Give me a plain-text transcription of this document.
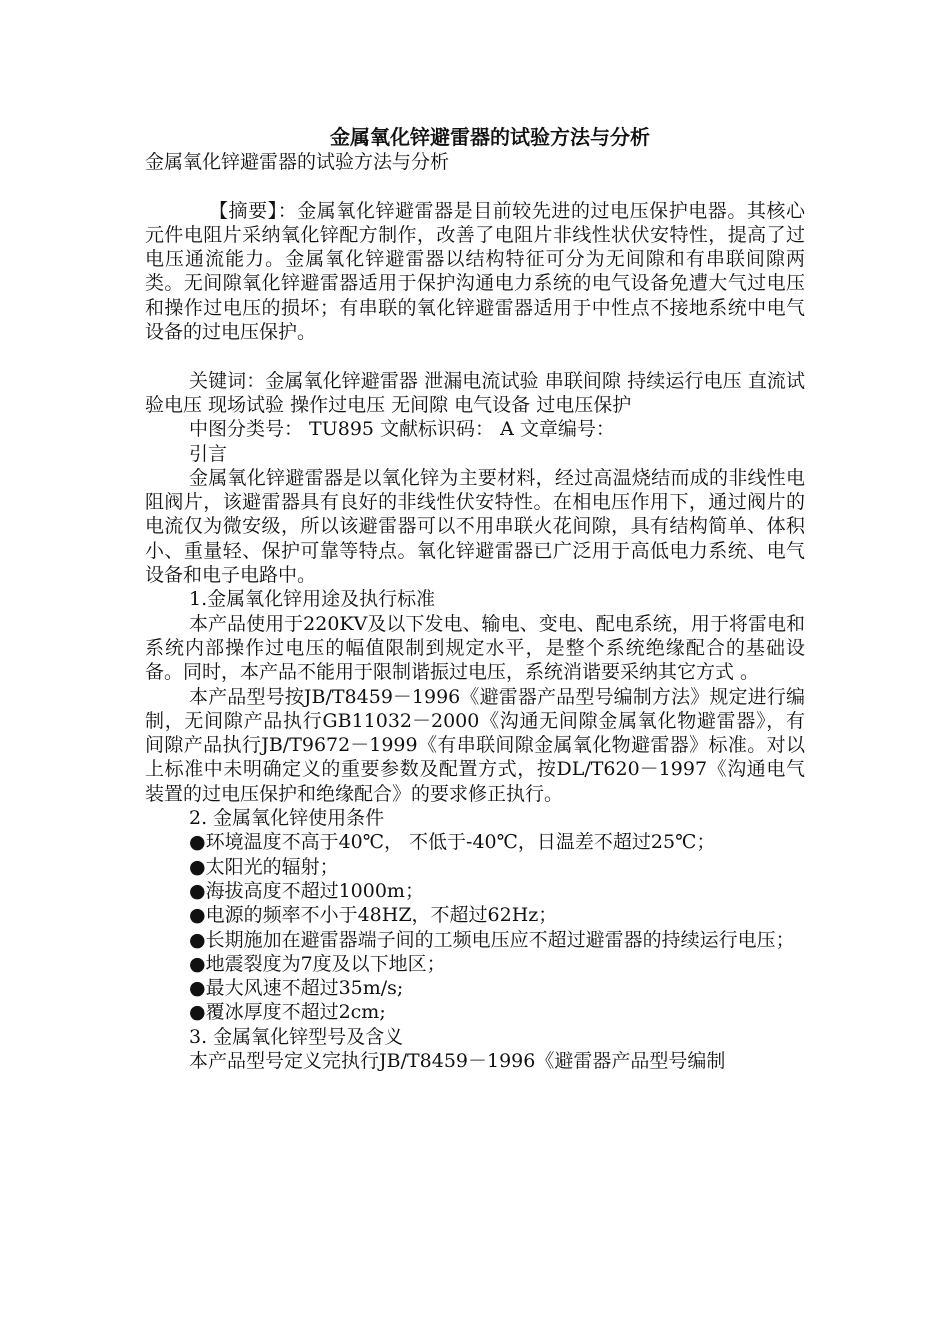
金属氧化锌避雷器的试验方法与分析

金属氧化锌避雷器的试验方法与分析

【摘要】：金属氧化锌避雷器是目前较先进的过电压保护电器。其核心元件电阻片采纳氧化锌配方制作，改善了电阻片非线性状伏安特性，提高了过电压通流能力。金属氧化锌避雷器以结构特征可分为无间隙和有串联间隙两类。无间隙氧化锌避雷器适用于保护沟通电力系统的电气设备免遭大气过电压和操作过电压的损坏；有串联的氧化锌避雷器适用于中性点不接地系统中电气设备的过电压保护。

关键词：金属氧化锌避雷器 泄漏电流试验 串联间隙 持续运行电压 直流试验电压 现场试验 操作过电压 无间隙 电气设备 过电压保护

中图分类号： TU895 文献标识码： A 文章编号：

引言

金属氧化锌避雷器是以氧化锌为主要材料，经过高温烧结而成的非线性电阻阀片，该避雷器具有良好的非线性伏安特性。在相电压作用下，通过阀片的电流仅为微安级，所以该避雷器可以不用串联火花间隙，具有结构简单、体积小、重量轻、保护可靠等特点。氧化锌避雷器已广泛用于高低电力系统、电气设备和电子电路中。

1.金属氧化锌用途及执行标准

本产品使用于220KV及以下发电、输电、变电、配电系统，用于将雷电和系统内部操作过电压的幅值限制到规定水平，是整个系统绝缘配合的基础设备。同时，本产品不能用于限制谐振过电压，系统消谐要采纳其它方式 。

本产品型号按JB/T8459－1996《避雷器产品型号编制方法》规定进行编制，无间隙产品执行GB11032－2000《沟通无间隙金属氧化物避雷器》，有间隙产品执行JB/T9672－1999《有串联间隙金属氧化物避雷器》标准。对以上标准中未明确定义的重要参数及配置方式，按DL/T620－1997《沟通电气装置的过电压保护和绝缘配合》的要求修正执行。

2. 金属氧化锌使用条件

●环境温度不高于40℃， 不低于-40℃，日温差不超过25℃；

●太阳光的辐射；

●海拔高度不超过1000m；

●电源的频率不小于48HZ，不超过62Hz；

●长期施加在避雷器端子间的工频电压应不超过避雷器的持续运行电压；

●地震裂度为7度及以下地区；

●最大风速不超过35m/s;

●覆冰厚度不超过2cm;

3. 金属氧化锌型号及含义

本产品型号定义完执行JB/T8459－1996《避雷器产品型号编制
